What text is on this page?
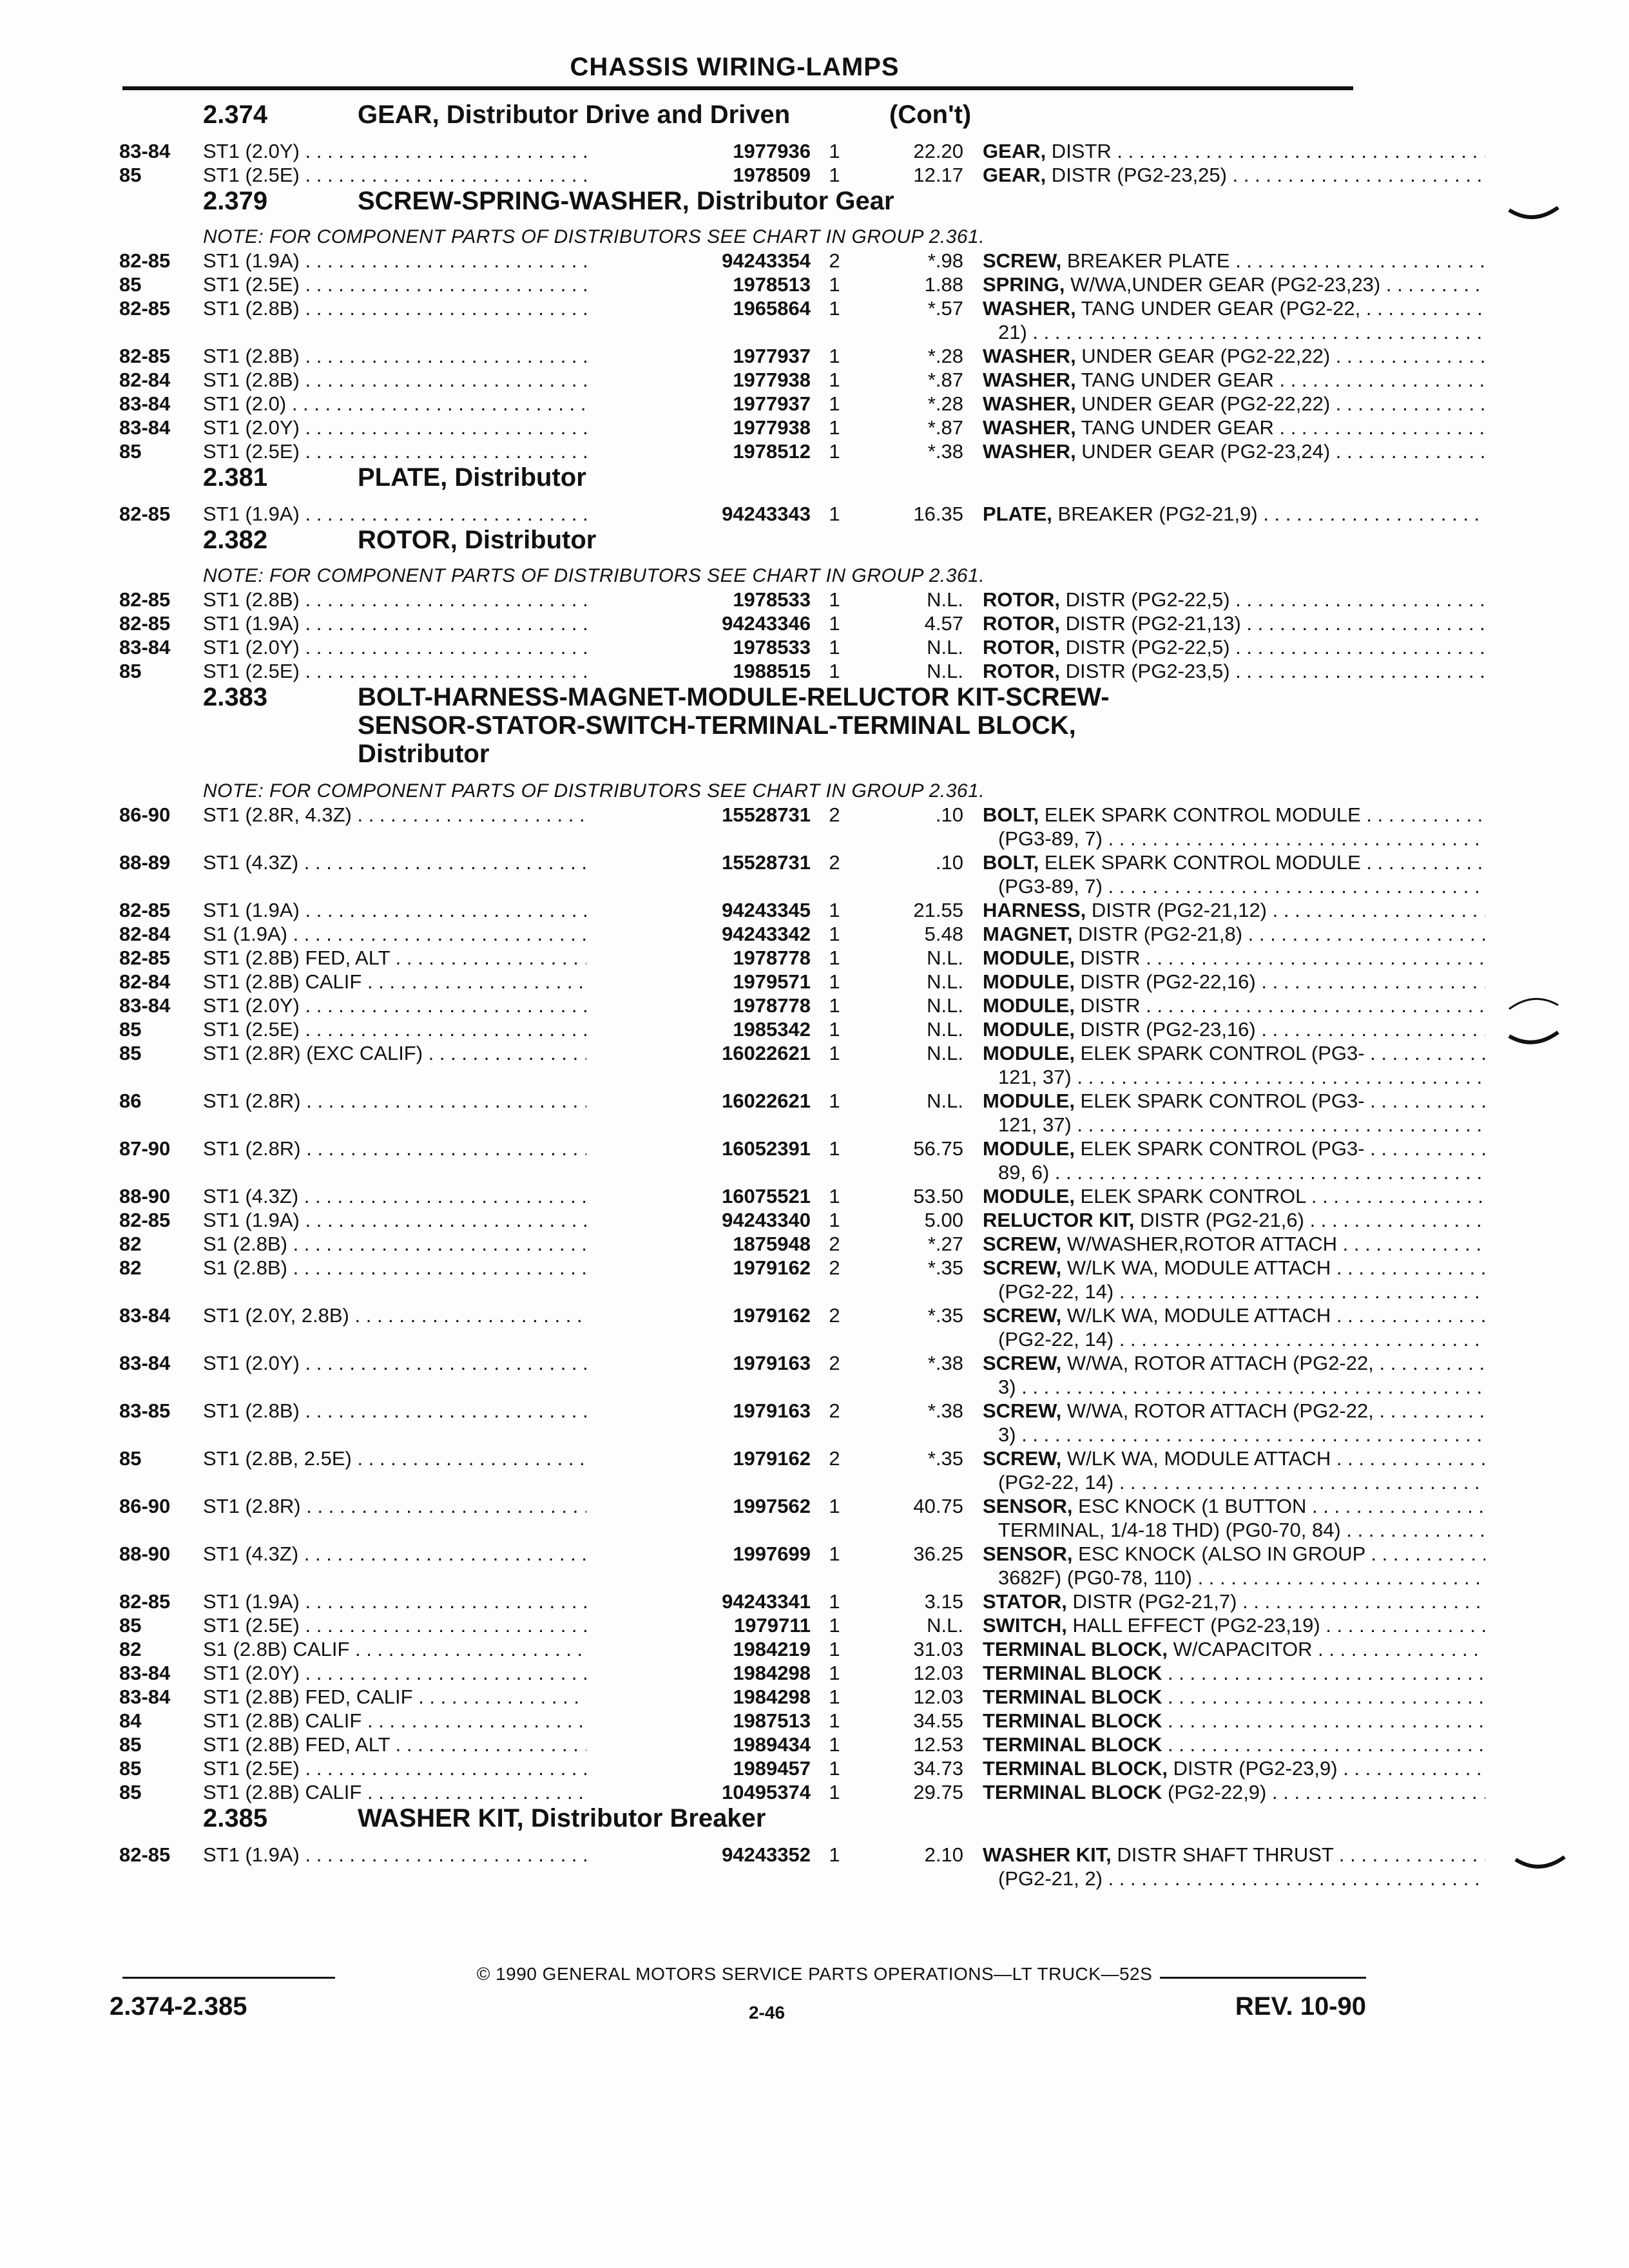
CHASSIS WIRING-LAMPS
2.374	GEAR, Distributor Drive and Driven	(Con't)
83-84 ST1 (2.0Y) . . .	1977936 1	22.20 GEAR, DISTR . . .
85	ST1 (2.5E) . . .	1978509 1	12.17 GEAR, DISTR (PG2-23,25) . . .
2.379	SCREW-SPRING-WASHER, Distributor Gear
NOTE: FOR COMPONENT PARTS OF DISTRIBUTORS SEE CHART IN GROUP 2.361.
82-85 ST1 (1.9A) . . .	94243354 2	*.98 SCREW, BREAKER PLATE . . .
85	ST1 (2.5E) . . .	1978513 1	1.88 SPRING, W/WA,UNDER GEAR (PG2-23,23) . . .
82-85 ST1 (2.8B) . . .	1965864 1	*.57 WASHER, TANG UNDER GEAR (PG2-22, . . .
21) . . .
82-85 ST1 (2.8B) . . .	1977937 1	*.28 WASHER, UNDER GEAR (PG2-22,22) . . .
82-84 ST1 (2.8B) . . .	1977938 1	*.87 WASHER, TANG UNDER GEAR . . .
83-84 ST1 (2.0) . . .	1977937 1	*.28 WASHER, UNDER GEAR (PG2-22,22) . . .
83-84 ST1 (2.0Y) . . .	1977938 1	*.87 WASHER, TANG UNDER GEAR . . .
85	ST1 (2.5E) . . .	1978512 1	*.38 WASHER, UNDER GEAR (PG2-23,24) . . .
2.381	PLATE, Distributor
82-85 ST1 (1.9A) . . .	94243343 1	16.35 PLATE, BREAKER (PG2-21,9) . . .
2.382	ROTOR, Distributor
NOTE: FOR COMPONENT PARTS OF DISTRIBUTORS SEE CHART IN GROUP 2.361.
82-85 ST1 (2.8B) . . .	1978533 1	N.L. ROTOR, DISTR (PG2-22,5) . . .
82-85 ST1 (1.9A) . . .	94243346 1	4.57 ROTOR, DISTR (PG2-21,13) . . .
83-84 ST1 (2.0Y) . . .	1978533 1	N.L. ROTOR, DISTR (PG2-22,5) . . .
85	ST1 (2.5E) . . .	1988515 1	N.L. ROTOR, DISTR (PG2-23,5) . . .
2.383	BOLT-HARNESS-MAGNET-MODULE-RELUCTOR KIT-SCREW-
SENSOR-STATOR-SWITCH-TERMINAL-TERMINAL BLOCK,
Distributor
NOTE: FOR COMPONENT PARTS OF DISTRIBUTORS SEE CHART IN GROUP 2.361.
86-90 ST1 (2.8R, 4.3Z) . . .	15528731 2	.10 BOLT, ELEK SPARK CONTROL MODULE . . .
(PG3-89, 7) . . .
88-89 ST1 (4.3Z) . . .	15528731 2	.10 BOLT, ELEK SPARK CONTROL MODULE . . .
(PG3-89, 7) . . .
82-85 ST1 (1.9A) . . .	94243345 1	21.55 HARNESS, DISTR (PG2-21,12) . . .
82-84 S1 (1.9A) . . .	94243342 1	5.48 MAGNET, DISTR (PG2-21,8) . . .
82-85 ST1 (2.8B) FED, ALT . . .	1978778 1	N.L. MODULE, DISTR . . .
82-84 ST1 (2.8B) CALIF . . .	1979571 1	N.L. MODULE, DISTR (PG2-22,16) . . .
83-84 ST1 (2.0Y) . . .	1978778 1	N.L. MODULE, DISTR . . .
85	ST1 (2.5E) . . .	1985342 1	N.L. MODULE, DISTR (PG2-23,16) . . .
85	ST1 (2.8R) (EXC CALIF) . . .	16022621 1	N.L. MODULE, ELEK SPARK CONTROL (PG3- . . .
121, 37) . . .
86	ST1 (2.8R) . . .	16022621 1	N.L. MODULE, ELEK SPARK CONTROL (PG3- . . .
121, 37) . . .
87-90 ST1 (2.8R) . . .	16052391 1	56.75 MODULE, ELEK SPARK CONTROL (PG3- . . .
89, 6) . . .
88-90 ST1 (4.3Z) . . .	16075521 1	53.50 MODULE, ELEK SPARK CONTROL . . .
82-85 ST1 (1.9A) . . .	94243340 1	5.00 RELUCTOR KIT, DISTR (PG2-21,6) . . .
82	S1 (2.8B) . . .	1875948 2	*.27 SCREW, W/WASHER,ROTOR ATTACH . . .
82	S1 (2.8B) . . .	1979162 2	*.35 SCREW, W/LK WA, MODULE ATTACH . . .
(PG2-22, 14) . . .
83-84 ST1 (2.0Y, 2.8B) . . .	1979162 2	*.35 SCREW, W/LK WA, MODULE ATTACH . . .
(PG2-22, 14) . . .
83-84 ST1 (2.0Y) . . .	1979163 2	*.38 SCREW, W/WA, ROTOR ATTACH (PG2-22, . . .
3) . . .
83-85 ST1 (2.8B) . . .	1979163 2	*.38 SCREW, W/WA, ROTOR ATTACH (PG2-22, . . .
3) . . .
85	ST1 (2.8B, 2.5E) . . .	1979162 2	*.35 SCREW, W/LK WA, MODULE ATTACH . . .
(PG2-22, 14) . . .
86-90 ST1 (2.8R) . . .	1997562 1	40.75 SENSOR, ESC KNOCK (1 BUTTON . . .
TERMINAL, 1/4-18 THD) (PG0-70, 84) . . .
88-90 ST1 (4.3Z) . . .	1997699 1	36.25 SENSOR, ESC KNOCK (ALSO IN GROUP . . .
3682F) (PG0-78, 110) . . .
82-85 ST1 (1.9A) . . .	94243341 1	3.15 STATOR, DISTR (PG2-21,7) . . .
85	ST1 (2.5E) . . .	1979711 1	N.L. SWITCH, HALL EFFECT (PG2-23,19) . . .
82	S1 (2.8B) CALIF . . .	1984219 1	31.03 TERMINAL BLOCK, W/CAPACITOR . . .
83-84 ST1 (2.0Y) . . .	1984298 1	12.03 TERMINAL BLOCK . . .
83-84 ST1 (2.8B) FED, CALIF . . .	1984298 1	12.03 TERMINAL BLOCK . . .
84	ST1 (2.8B) CALIF . . .	1987513 1	34.55 TERMINAL BLOCK . . .
85	ST1 (2.8B) FED, ALT . . .	1989434 1	12.53 TERMINAL BLOCK . . .
85	ST1 (2.5E) . . .	1989457 1	34.73 TERMINAL BLOCK, DISTR (PG2-23,9) . . .
85	ST1 (2.8B) CALIF . . .	10495374 1	29.75 TERMINAL BLOCK (PG2-22,9) . . .
2.385	WASHER KIT, Distributor Breaker
82-85 ST1 (1.9A) . . .	94243352 1	2.10 WASHER KIT, DISTR SHAFT THRUST . . .
(PG2-21, 2) . . .
© 1990 GENERAL MOTORS SERVICE PARTS OPERATIONS—LT TRUCK—52S
2.374-2.385	2-46	REV. 10-90
